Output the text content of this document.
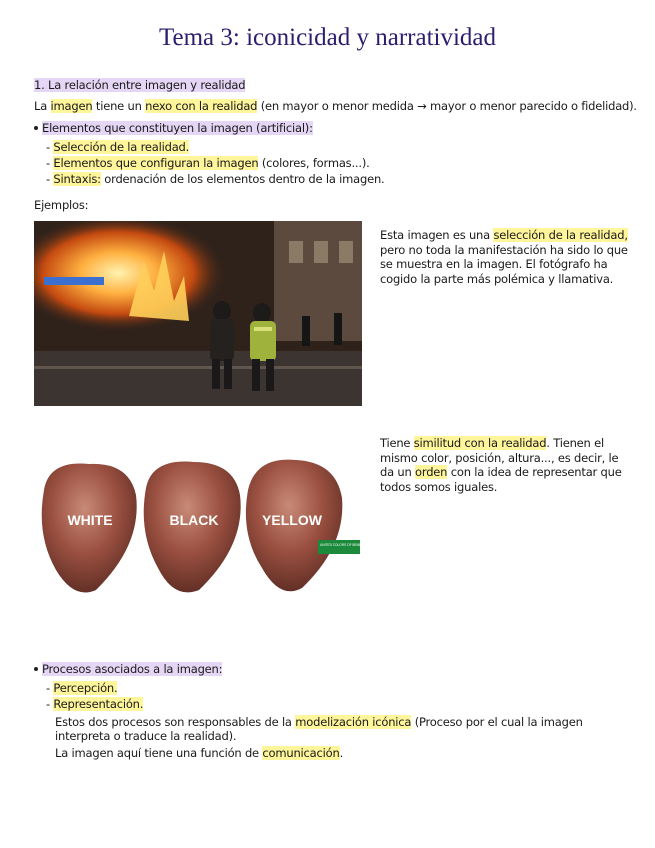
Tema 3: iconicidad y narratividad
1. La relación entre imagen y realidad
La imagen tiene un nexo con la realidad (en mayor o menor medida → mayor o menor parecido o fidelidad).
Elementos que constituyen la imagen (artificial):
- Selección de la realidad.
- Elementos que configuran la imagen (colores, formas...).
- Sintaxis: ordenación de los elementos dentro de la imagen.
Ejemplos:
Esta imagen es una selección de la realidad, pero no toda la manifestación ha sido lo que se muestra en la imagen. El fotógrafo ha cogido la parte más polémica y llamativa.
WHITE	BLACK	YELLOW
UNITED COLORS OF BENETTON.
Tiene similitud con la realidad. Tienen el mismo color, posición, altura..., es decir, le da un orden con la idea de representar que todos somos iguales.
Procesos asociados a la imagen:
- Percepción.
- Representación.
Estos dos procesos son responsables de la modelización icónica (Proceso por el cual la imagen interpreta o traduce la realidad).
La imagen aquí tiene una función de comunicación.
